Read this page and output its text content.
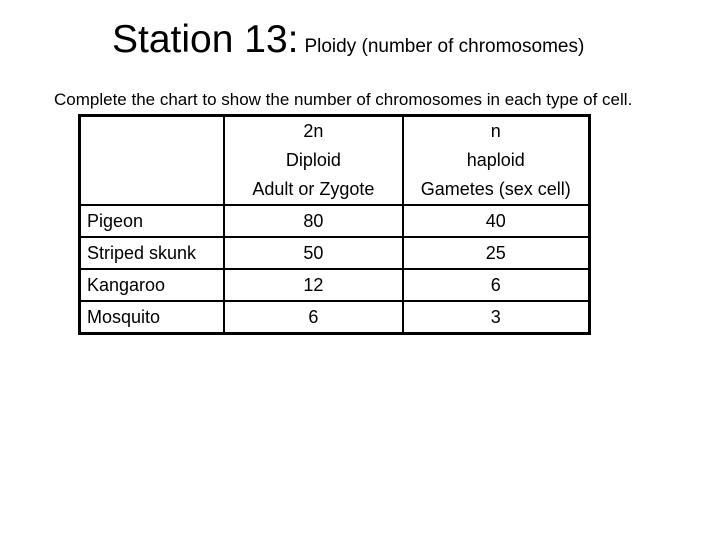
Station 13: Ploidy (number of chromosomes)
Complete the chart to show the number of chromosomes in each type of cell.

	2n
Diploid
Adult or Zygote	n
haploid
Gametes (sex cell)

Pigeon	80	40
Striped skunk	50	25
Kangaroo	12	6
Mosquito	6	3
